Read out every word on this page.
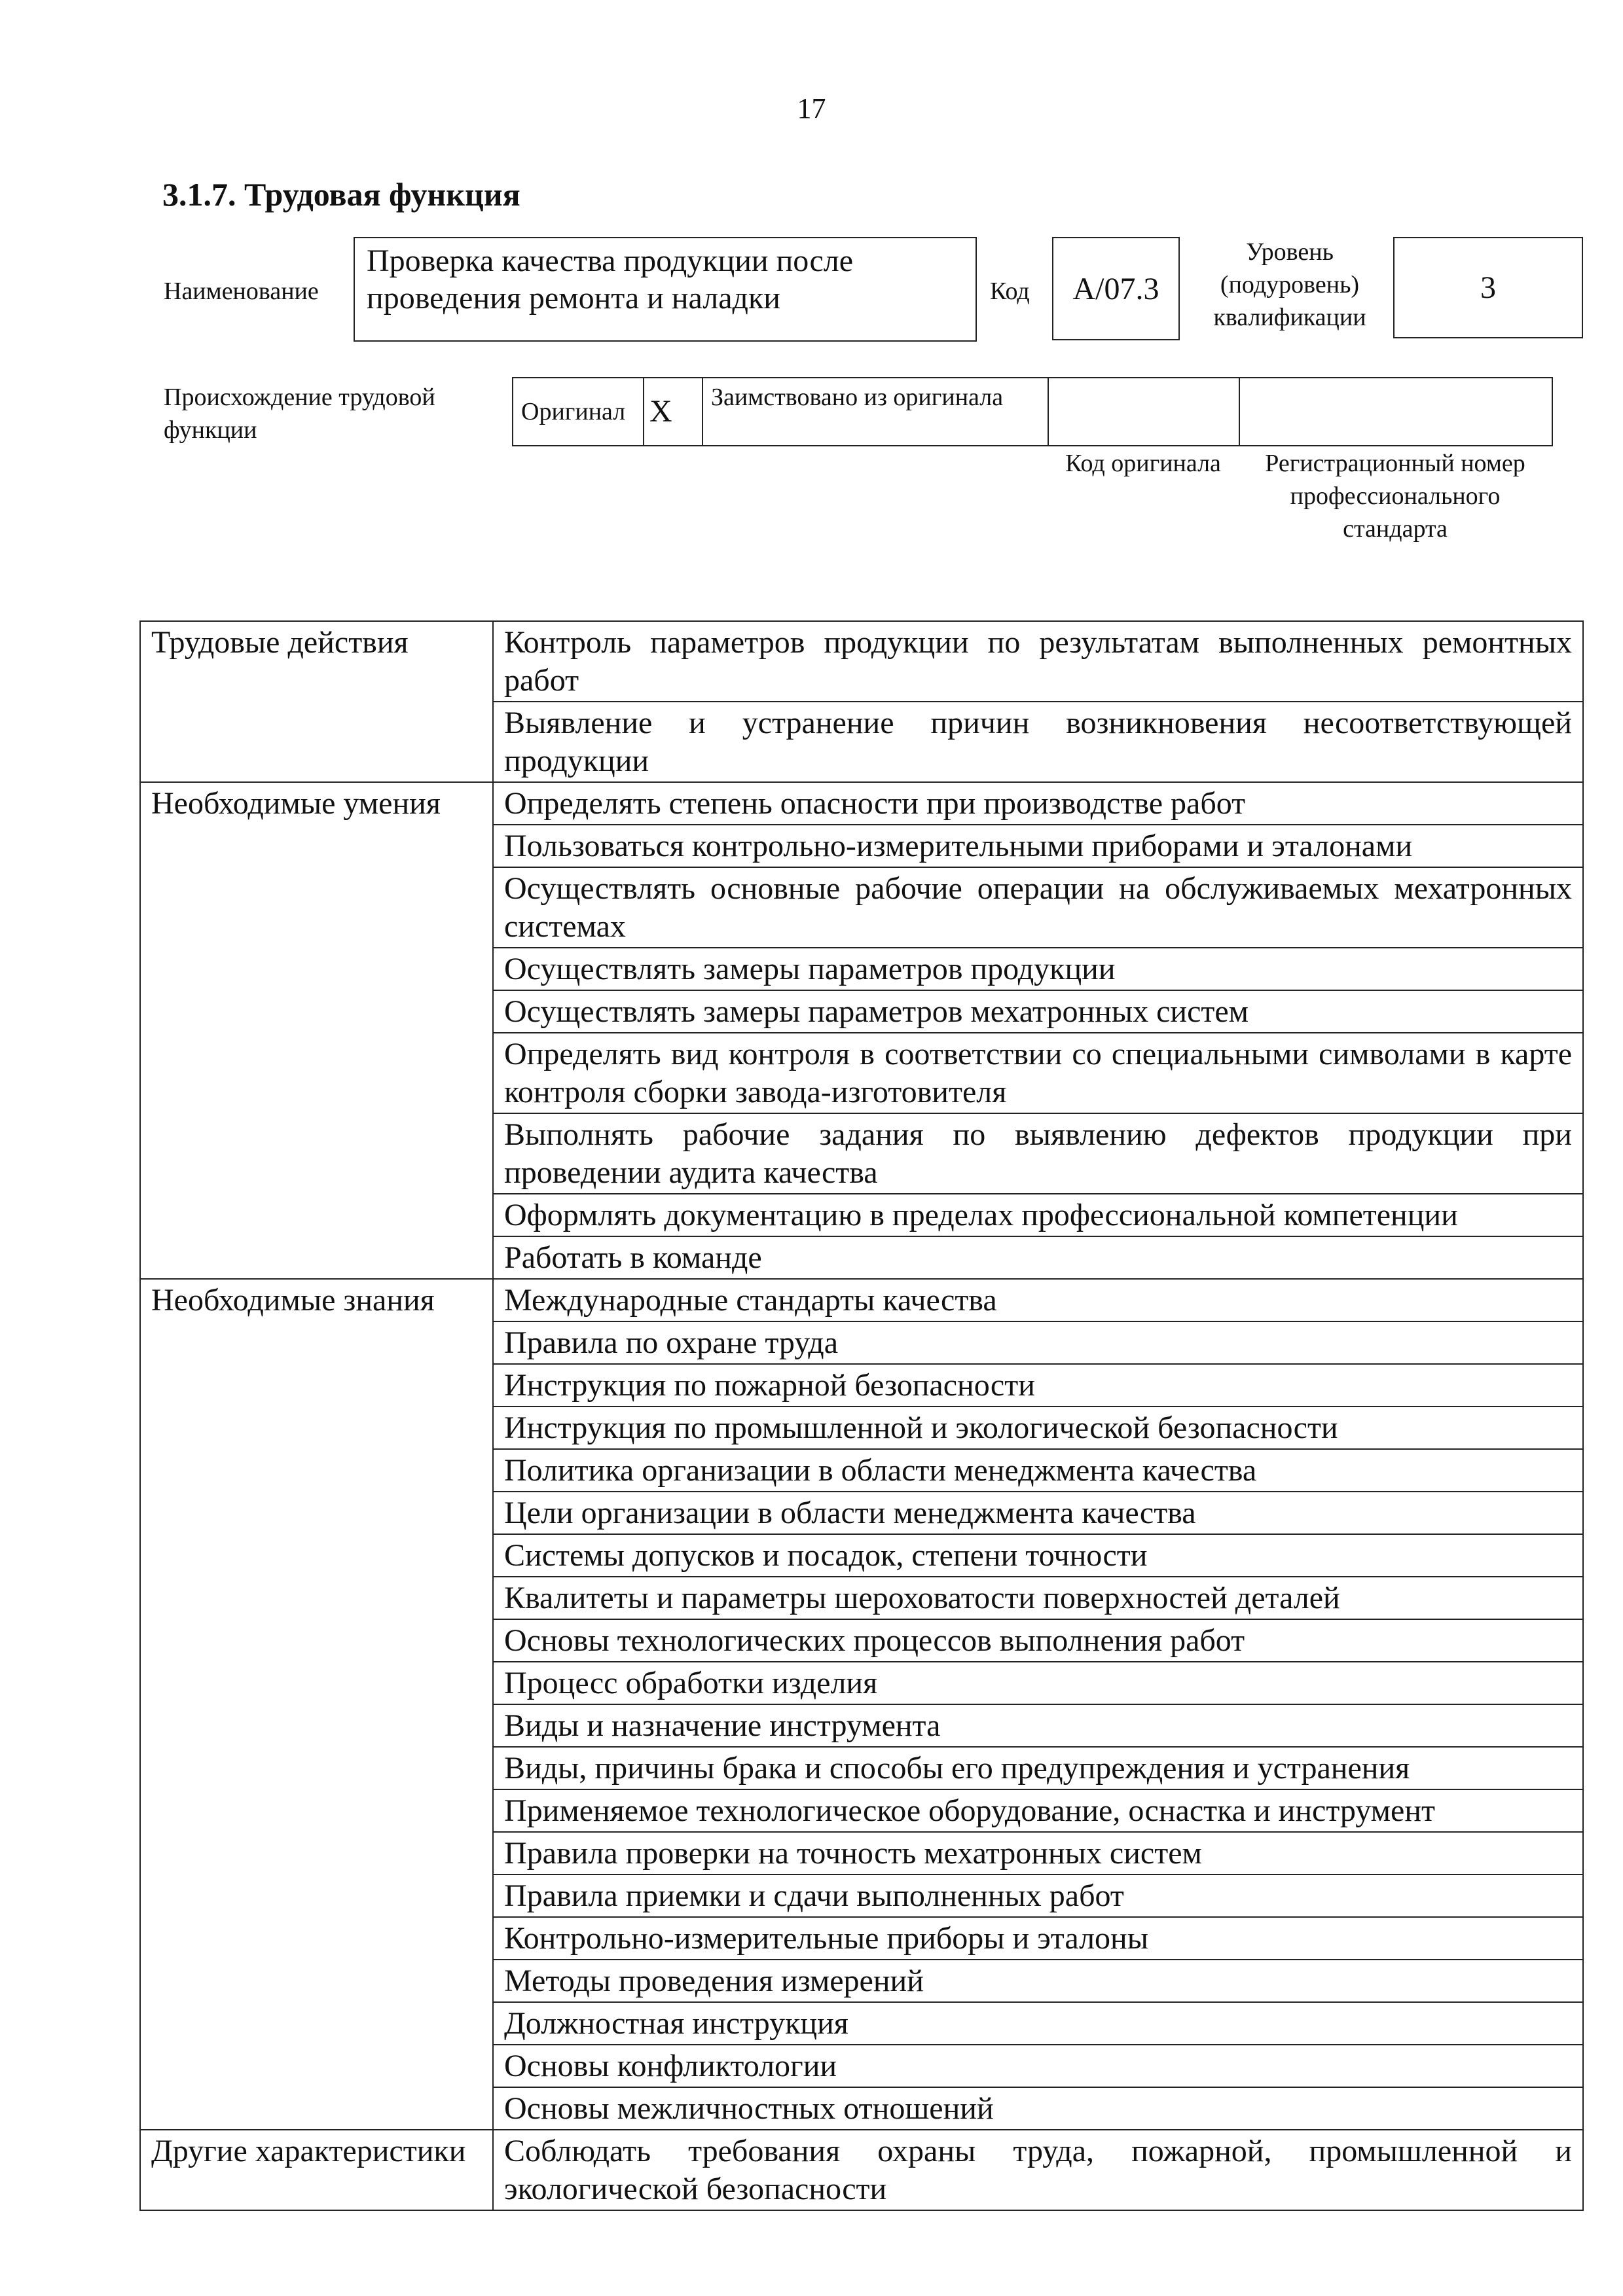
17
3.1.7. Трудовая функция
Наименование
Проверка качества продукции после проведения ремонта и наладки	Код	A/07.3
Уровень (подуровень) квалификации
3
Происхождение трудовой функции
Оригинал	X	Заимствовано из оригинала		
Код оригинала	Регистрационный номер профессионального стандарта
Трудовые действия	Контроль параметров продукции по результатам выполненных ремонтных работ
	Выявление и устранение причин возникновения несоответствующей продукции
Необходимые умения	Определять степень опасности при производстве работ
	Пользоваться контрольно-измерительными приборами и эталонами
	Осуществлять основные рабочие операции на обслуживаемых мехатронных системах
	Осуществлять замеры параметров продукции
	Осуществлять замеры параметров мехатронных систем
	Определять вид контроля в соответствии со специальными символами в карте контроля сборки завода-изготовителя
	Выполнять рабочие задания по выявлению дефектов продукции при проведении аудита качества
	Оформлять документацию в пределах профессиональной компетенции
	Работать в команде
Необходимые знания	Международные стандарты качества
	Правила по охране труда
	Инструкция по пожарной безопасности
	Инструкция по промышленной и экологической безопасности
	Политика организации в области менеджмента качества
	Цели организации в области менеджмента качества
	Системы допусков и посадок, степени точности
	Квалитеты и параметры шероховатости поверхностей деталей
	Основы технологических процессов выполнения работ
	Процесс обработки изделия
	Виды и назначение инструмента
	Виды, причины брака и способы его предупреждения и устранения
	Применяемое технологическое оборудование, оснастка и инструмент
	Правила проверки на точность мехатронных систем
	Правила приемки и сдачи выполненных работ
	Контрольно-измерительные приборы и эталоны
	Методы проведения измерений
	Должностная инструкция
	Основы конфликтологии
	Основы межличностных отношений
Другие характеристики	Соблюдать требования охраны труда, пожарной, промышленной и экологической безопасности
